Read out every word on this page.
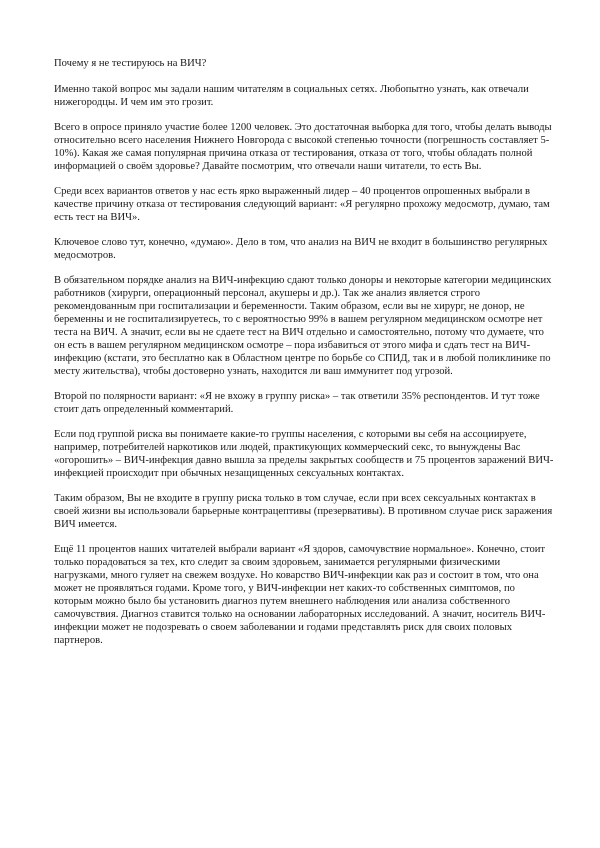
Почему я не тестируюсь на ВИЧ?

Именно такой вопрос мы задали нашим читателям в социальных сетях. Любопытно узнать, как отвечали нижегородцы. И чем им это грозит.

Всего в опросе приняло участие более 1200 человек. Это достаточная выборка для того, чтобы делать выводы относительно всего населения Нижнего Новгорода с высокой степенью точности (погрешность составляет 5-10%). Какая же самая популярная причина отказа от тестирования, отказа от того, чтобы обладать полной информацией о своём здоровье? Давайте посмотрим, что отвечали наши читатели, то есть Вы.

Среди всех вариантов ответов у нас есть ярко выраженный лидер – 40 процентов опрошенных выбрали в качестве причину отказа от тестирования следующий вариант: «Я регулярно прохожу медосмотр, думаю, там есть тест на ВИЧ».

Ключевое слово тут, конечно, «думаю». Дело в том, что анализ на ВИЧ не входит в большинство регулярных медосмотров.

В обязательном порядке анализ на ВИЧ-инфекцию сдают только доноры и некоторые категории медицинских работников (хирурги, операционный персонал, акушеры и др.). Так же анализ является строго рекомендованным при госпитализации и беременности. Таким образом, если вы не хирург, не донор, не беременны и не госпитализируетесь, то с вероятностью 99% в вашем регулярном медицинском осмотре нет теста на ВИЧ. А значит, если вы не сдаете тест на ВИЧ отдельно и самостоятельно, потому что думаете, что он есть в вашем регулярном медицинском осмотре – пора избавиться от этого мифа и сдать тест на ВИЧ-инфекцию (кстати, это бесплатно как в Областном центре по борьбе со СПИД, так и в любой поликлинике по месту жительства), чтобы достоверно узнать, находится ли ваш иммунитет под угрозой.

Второй по полярности вариант: «Я не вхожу в группу риска» – так ответили 35% респондентов. И тут тоже стоит дать определенный комментарий.

Если под группой риска вы понимаете какие-то группы населения, с которыми вы себя на ассоциируете, например, потребителей наркотиков или людей, практикующих коммерческий секс, то вынуждены Вас «огорошить» – ВИЧ-инфекция давно вышла за пределы закрытых сообществ и 75 процентов заражений ВИЧ-инфекцией происходит при обычных незащищенных сексуальных контактах.

Таким образом, Вы не входите в группу риска только в том случае, если при всех сексуальных контактах в своей жизни вы использовали барьерные контрацептивы (презервативы). В противном случае риск заражения ВИЧ имеется.

Ещё 11 процентов наших читателей выбрали вариант «Я здоров, самочувствие нормальное». Конечно, стоит только порадоваться за тех, кто следит за своим здоровьем, занимается регулярными физическими нагрузками, много гуляет на свежем воздухе. Но коварство ВИЧ-инфекции как раз и состоит в том, что она может не проявляться годами. Кроме того, у ВИЧ-инфекции нет каких-то собственных симптомов, по которым можно было бы установить диагноз путем внешнего наблюдения или анализа собственного самочувствия. Диагноз ставится только на основании лабораторных исследований. А значит, носитель ВИЧ-инфекции может не подозревать о своем заболевании и годами представлять риск для своих половых партнеров.
